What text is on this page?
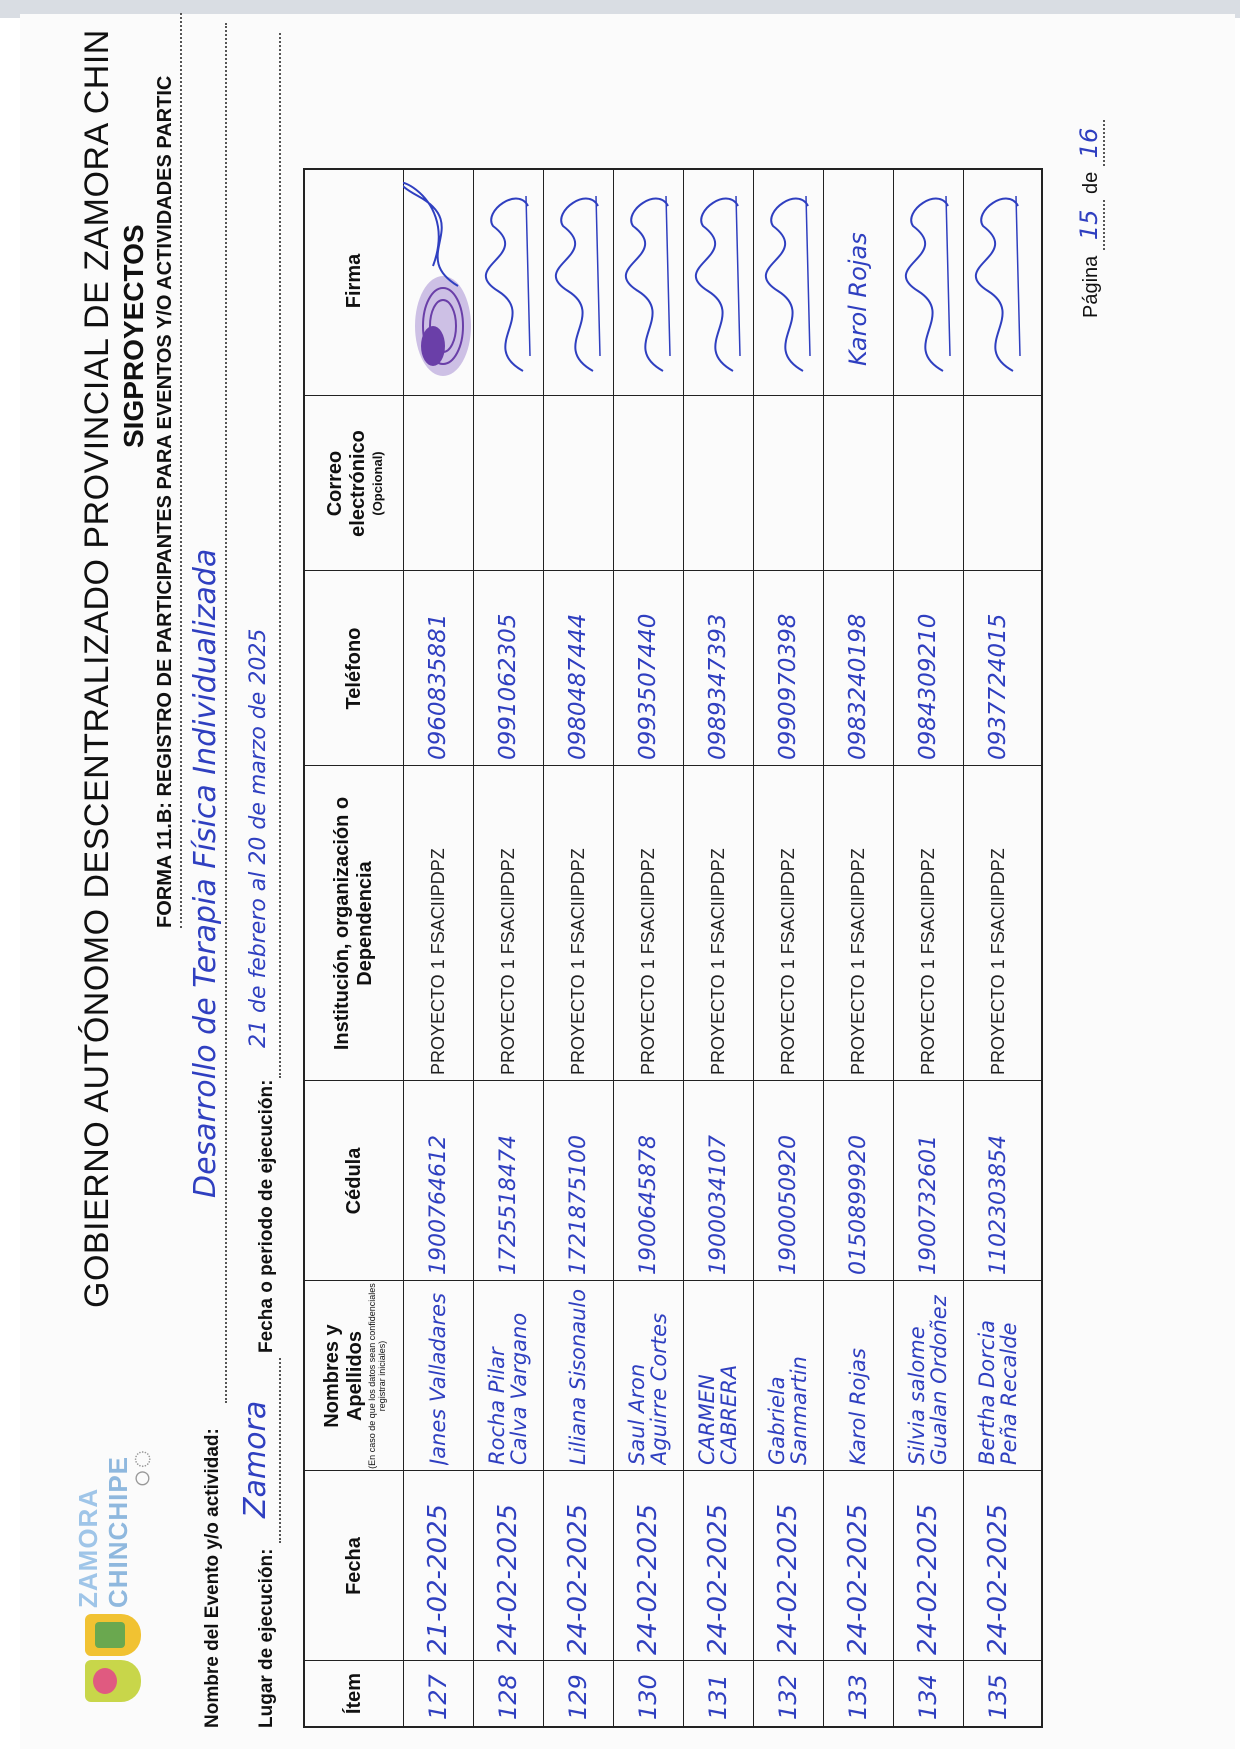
ZAMORA CHINCHIPE
○◌
GOBIERNO AUTÓNOMO DESCENTRALIZADO PROVINCIAL DE ZAMORA CHIN SIGPROYECTOS FORMA 11.B: REGISTRO DE PARTICIPANTES PARA EVENTOS Y/O ACTIVIDADES PARTIC
Nombre del Evento y/o actividad:
Desarrollo de Terapia Física Individualizada
Lugar de ejecución:
Zamora
Fecha o periodo de ejecución:
21 de febrero al 20 de marzo de 2025
Ítem
Fecha
Nombres y Apellidos (En caso de que los datos sean confidenciales registrar iniciales)
Cédula
Institución, organización o Dependencia
Teléfono
Correo electrónico (Opcional)
Firma
127
21-02-2025
Janes Valladares
1900764612
PROYECTO 1 FSACIIPDPZ
0960835881
128
24-02-2025
Rocha Pilar Calva Vargano
1725518474
PROYECTO 1 FSACIIPDPZ
0991062305
129
24-02-2025
Liliana Sisonaulo
1721875100
PROYECTO 1 FSACIIPDPZ
0980487444
130
24-02-2025
Saul Aron Aguirre Cortes
1900645878
PROYECTO 1 FSACIIPDPZ
0993507440
131
24-02-2025
CARMEN CABRERA
1900034107
PROYECTO 1 FSACIIPDPZ
0989347393
132
24-02-2025
Gabriela Sanmartin
1900050920
PROYECTO 1 FSACIIPDPZ
0990970398
133
24-02-2025
Karol Rojas
0150899920
PROYECTO 1 FSACIIPDPZ
0983240198
Karol Rojas
134
24-02-2025
Silvia salome Gualan Ordoñez
1900732601
PROYECTO 1 FSACIIPDPZ
0984309210
135
24-02-2025
Bertha Dorcia Peña Recalde
1102303854
PROYECTO 1 FSACIIPDPZ
0937724015
Página 15 de 16
